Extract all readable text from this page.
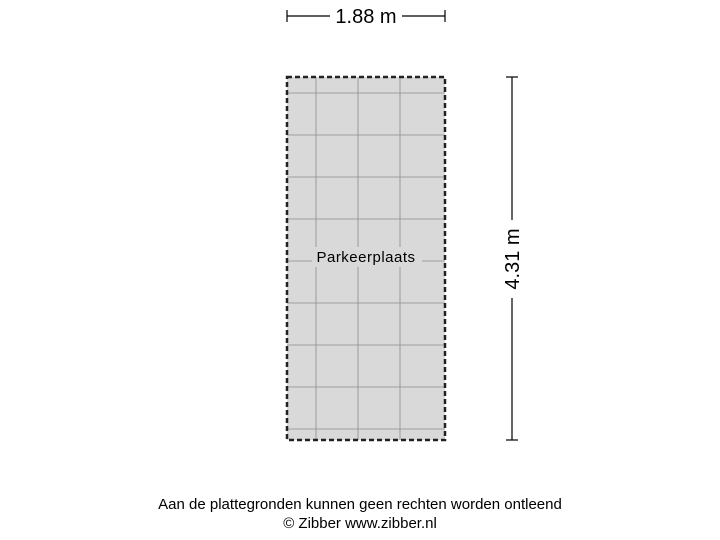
1.88 m
Parkeerplaats	4.31 m
Aan de plattegronden kunnen geen rechten worden ontleend
© Zibber www.zibber.nl
